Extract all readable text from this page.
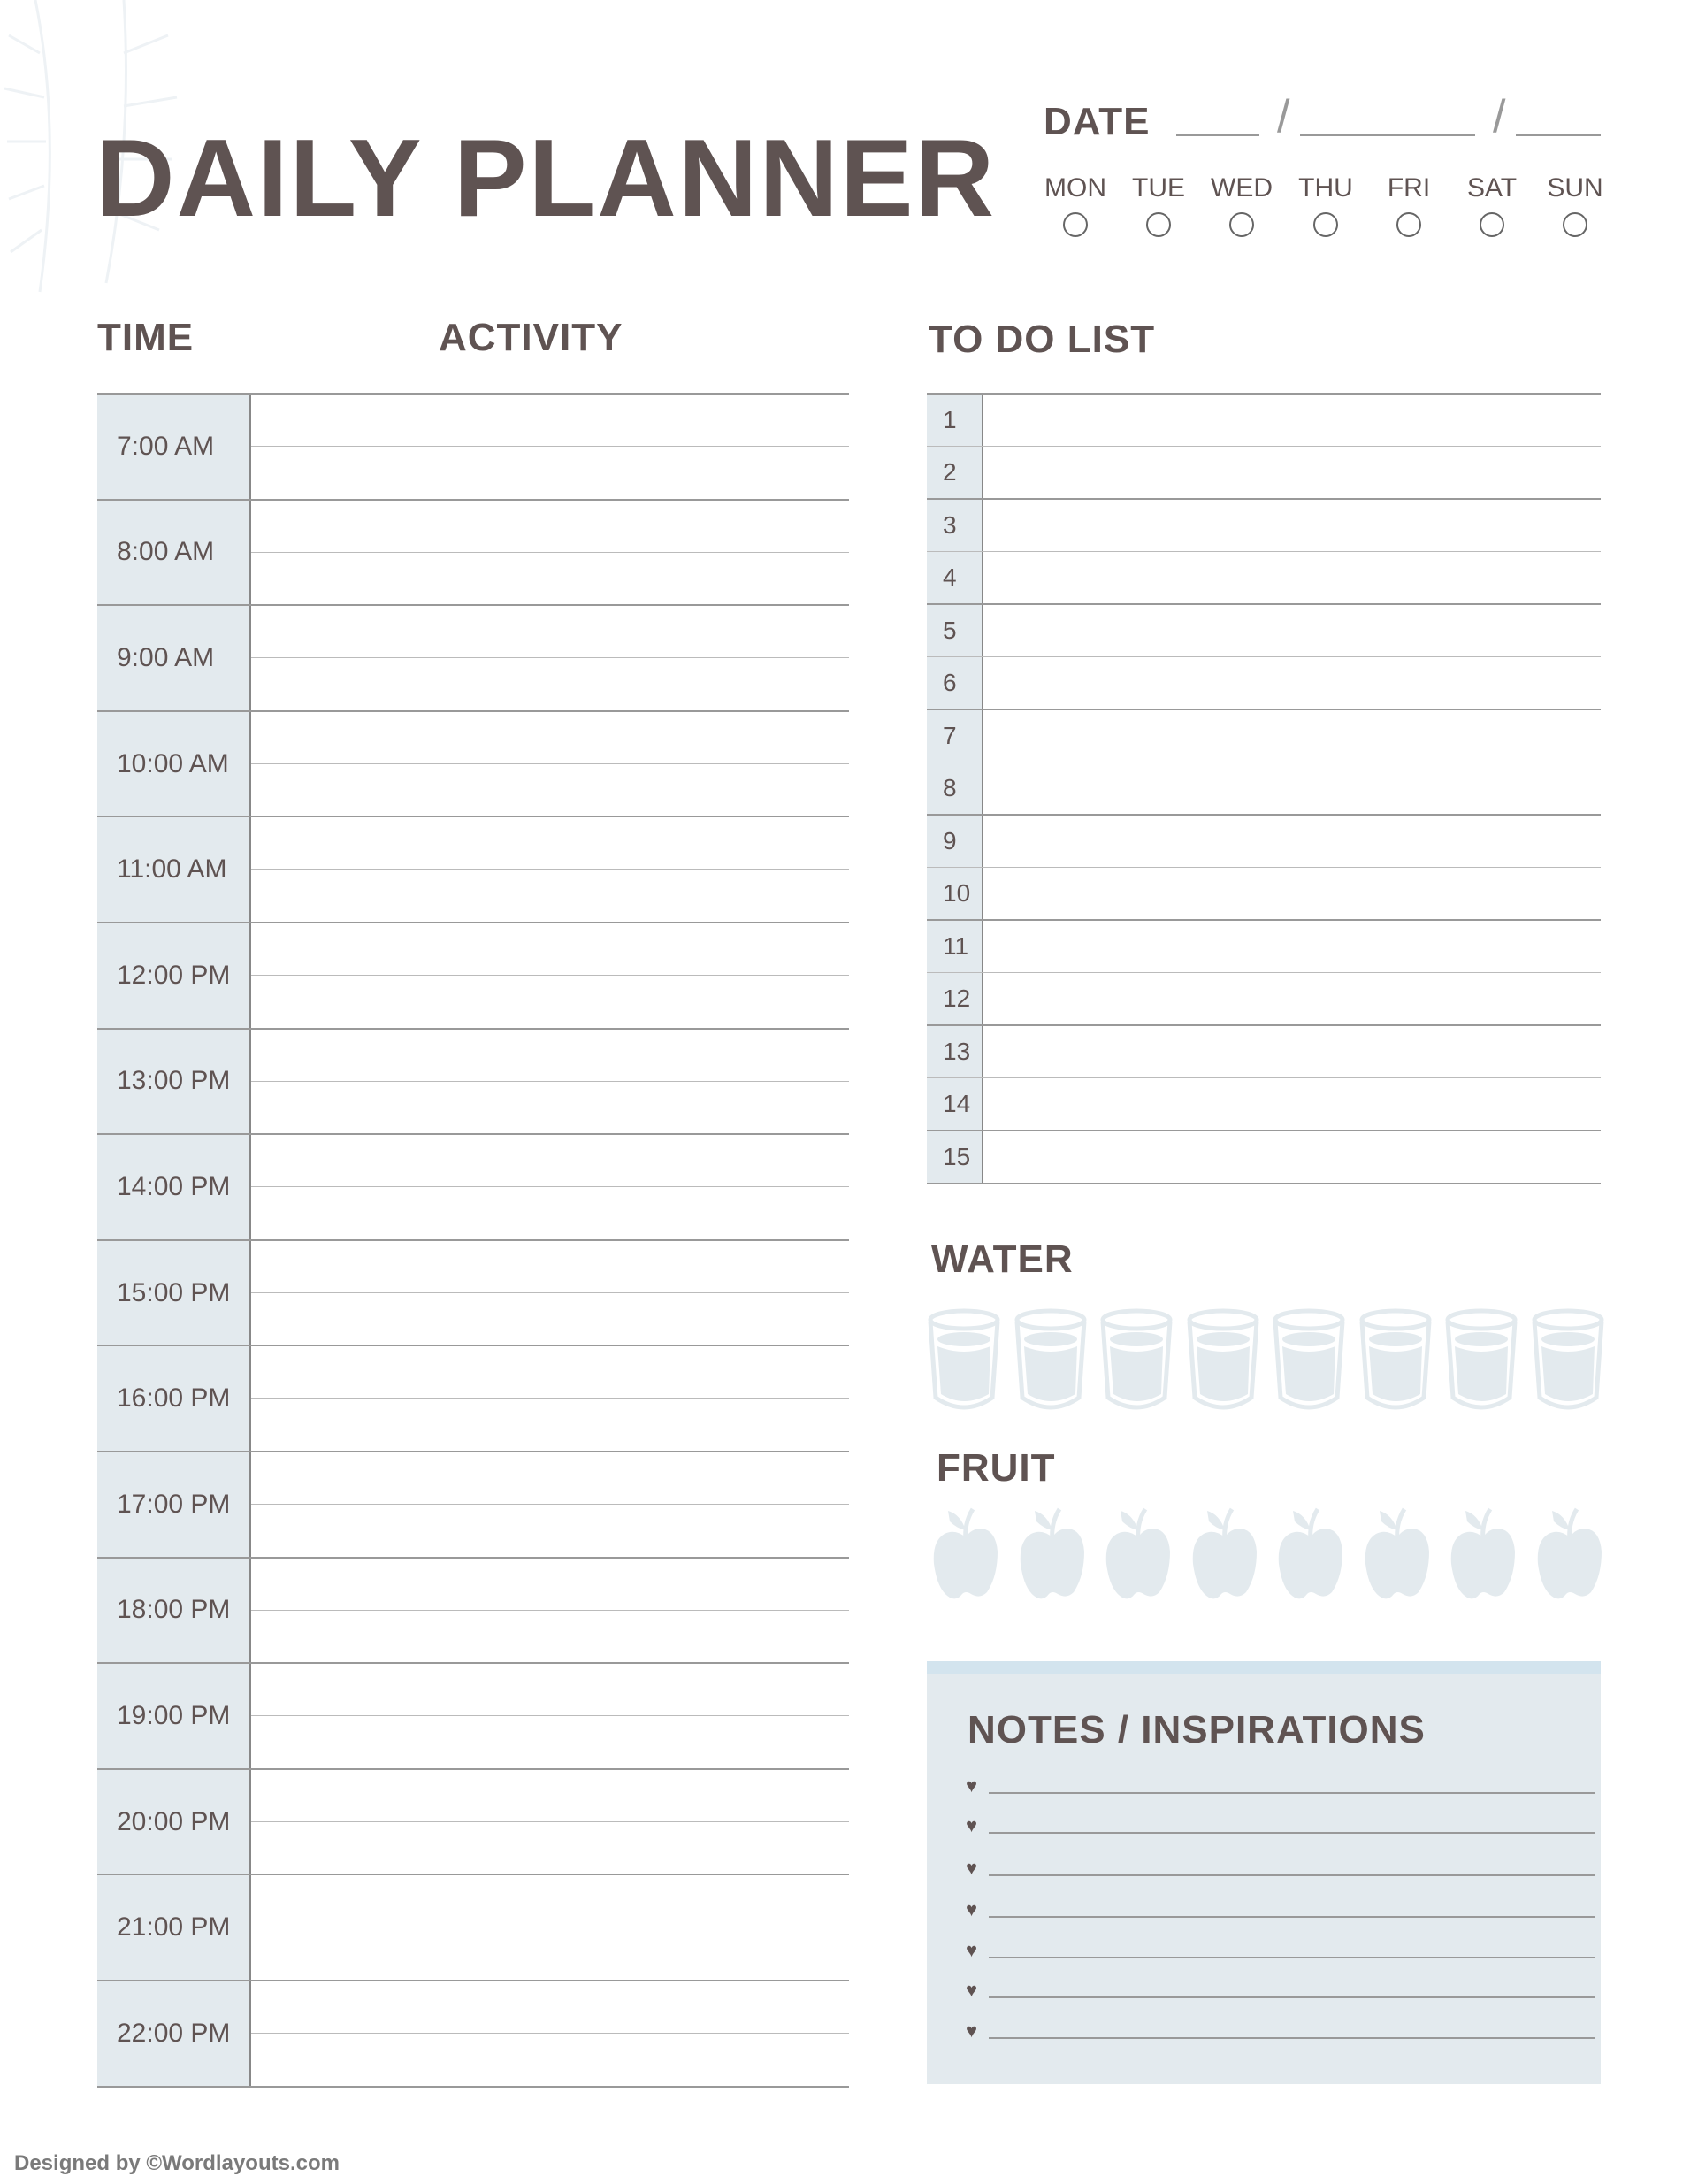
DAILY PLANNER DATE	/	/
TIME	ACTIVITY	TO DO LIST
7:00 AM
8:00 AM
9:00 AM
10:00 AM
11:00 AM
12:00 PM
13:00 PM
14:00 PM
15:00 PM
16:00 PM
17:00 PM
18:00 PM
19:00 PM
20:00 PM
21:00 PM
22:00 PM
1
2
3
4
5
6
7
8
9
10
11
12
13
14
15
WATER
FRUIT
NOTES / INSPIRATIONS
♥
♥
♥
♥
♥
♥
♥
Designed by ©Wordlayouts.com
MON TUE WED THU	FRI	SAT	SUN
